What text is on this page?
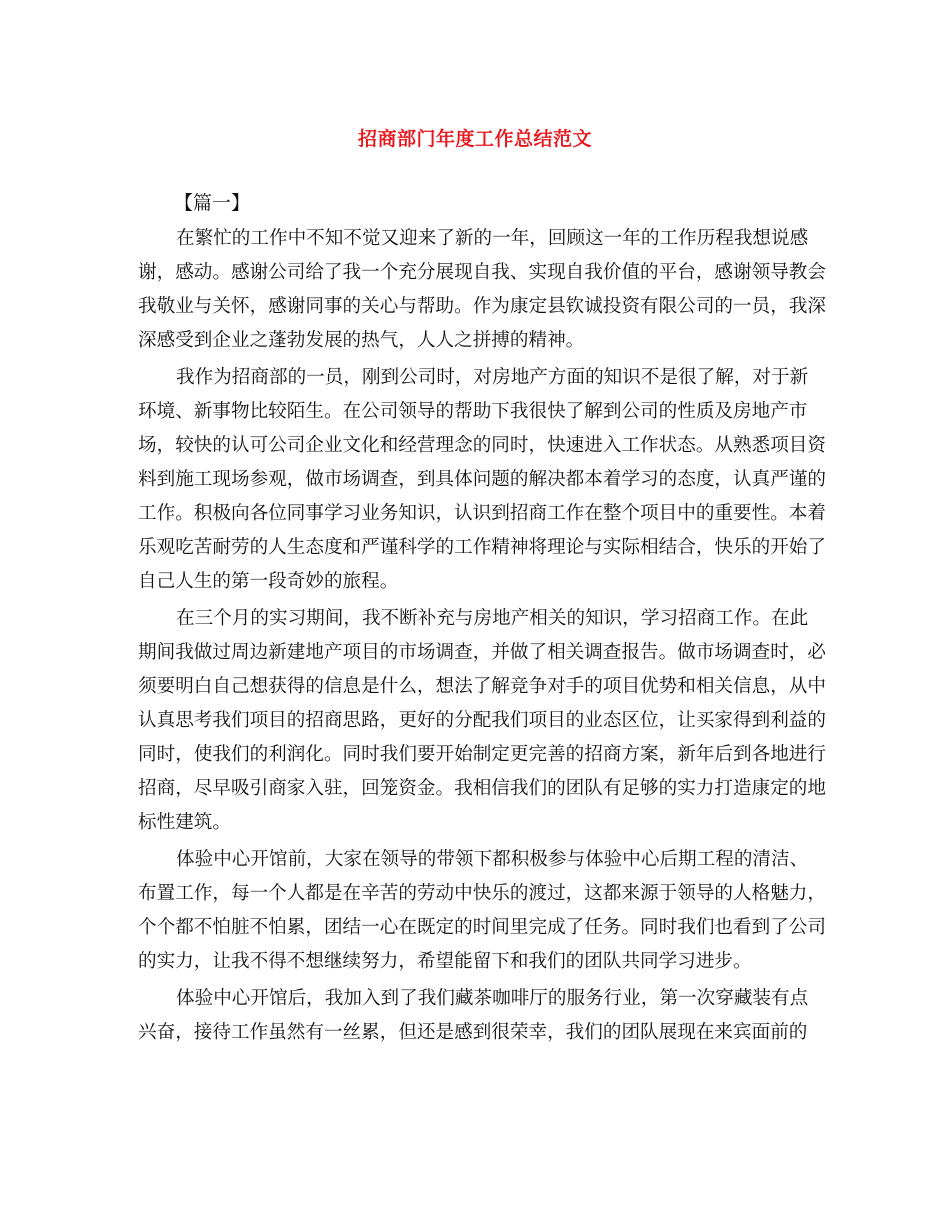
招商部门年度工作总结范文
【篇一】

在繁忙的工作中不知不觉又迎来了新的一年，回顾这一年的工作历程我想说感谢，感动。感谢公司给了我一个充分展现自我、实现自我价值的平台，感谢领导教会我敬业与关怀，感谢同事的关心与帮助。作为康定县钦诚投资有限公司的一员，我深深感受到企业之蓬勃发展的热气，人人之拼搏的精神。

我作为招商部的一员，刚到公司时，对房地产方面的知识不是很了解，对于新环境、新事物比较陌生。在公司领导的帮助下我很快了解到公司的性质及房地产市场，较快的认可公司企业文化和经营理念的同时，快速进入工作状态。从熟悉项目资料到施工现场参观，做市场调查，到具体问题的解决都本着学习的态度，认真严谨的工作。积极向各位同事学习业务知识，认识到招商工作在整个项目中的重要性。本着乐观吃苦耐劳的人生态度和严谨科学的工作精神将理论与实际相结合，快乐的开始了自己人生的第一段奇妙的旅程。

在三个月的实习期间，我不断补充与房地产相关的知识，学习招商工作。在此期间我做过周边新建地产项目的市场调查，并做了相关调查报告。做市场调查时，必须要明白自己想获得的信息是什么，想法了解竞争对手的项目优势和相关信息，从中认真思考我们项目的招商思路，更好的分配我们项目的业态区位，让买家得到利益的同时，使我们的利润化。同时我们要开始制定更完善的招商方案，新年后到各地进行招商，尽早吸引商家入驻，回笼资金。我相信我们的团队有足够的实力打造康定的地标性建筑。

体验中心开馆前，大家在领导的带领下都积极参与体验中心后期工程的清洁、布置工作，每一个人都是在辛苦的劳动中快乐的渡过，这都来源于领导的人格魅力，个个都不怕脏不怕累，团结一心在既定的时间里完成了任务。同时我们也看到了公司的实力，让我不得不想继续努力，希望能留下和我们的团队共同学习进步。

体验中心开馆后，我加入到了我们藏茶咖啡厅的服务行业，第一次穿藏装有点兴奋，接待工作虽然有一丝累，但还是感到很荣幸，我们的团队展现在来宾面前的
